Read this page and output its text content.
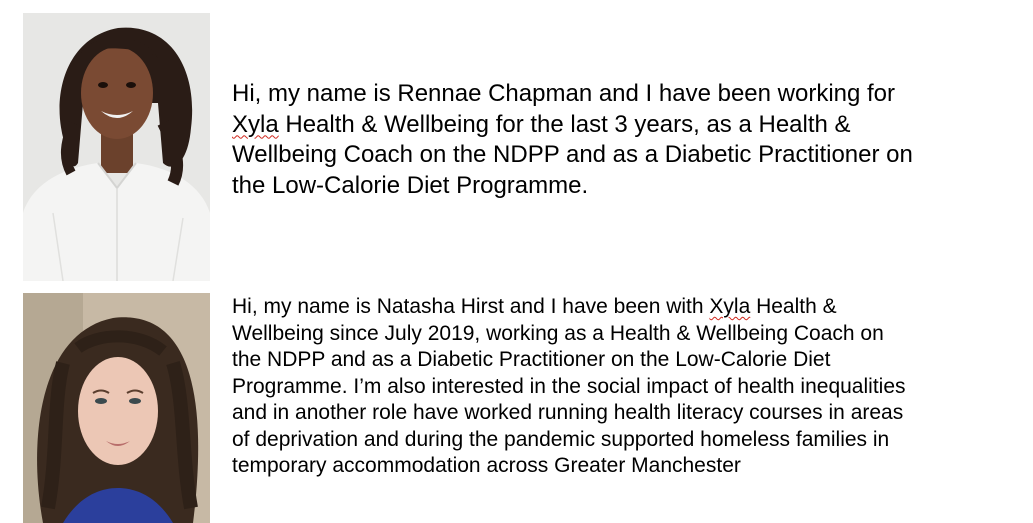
Hi, my name is Rennae Chapman and I have been working for
Xyla Health & Wellbeing for the last 3 years, as a Health &
Wellbeing Coach on the NDPP and as a Diabetic Practitioner on
the Low-Calorie Diet Programme.

Hi, my name is Natasha Hirst and I have been with Xyla Health &
Wellbeing since July 2019, working as a Health & Wellbeing Coach on
the NDPP and as a Diabetic Practitioner on the Low-Calorie Diet
Programme. I’m also interested in the social impact of health inequalities
and in another role have worked running health literacy courses in areas
of deprivation and during the pandemic supported homeless families in
temporary accommodation across Greater Manchester
